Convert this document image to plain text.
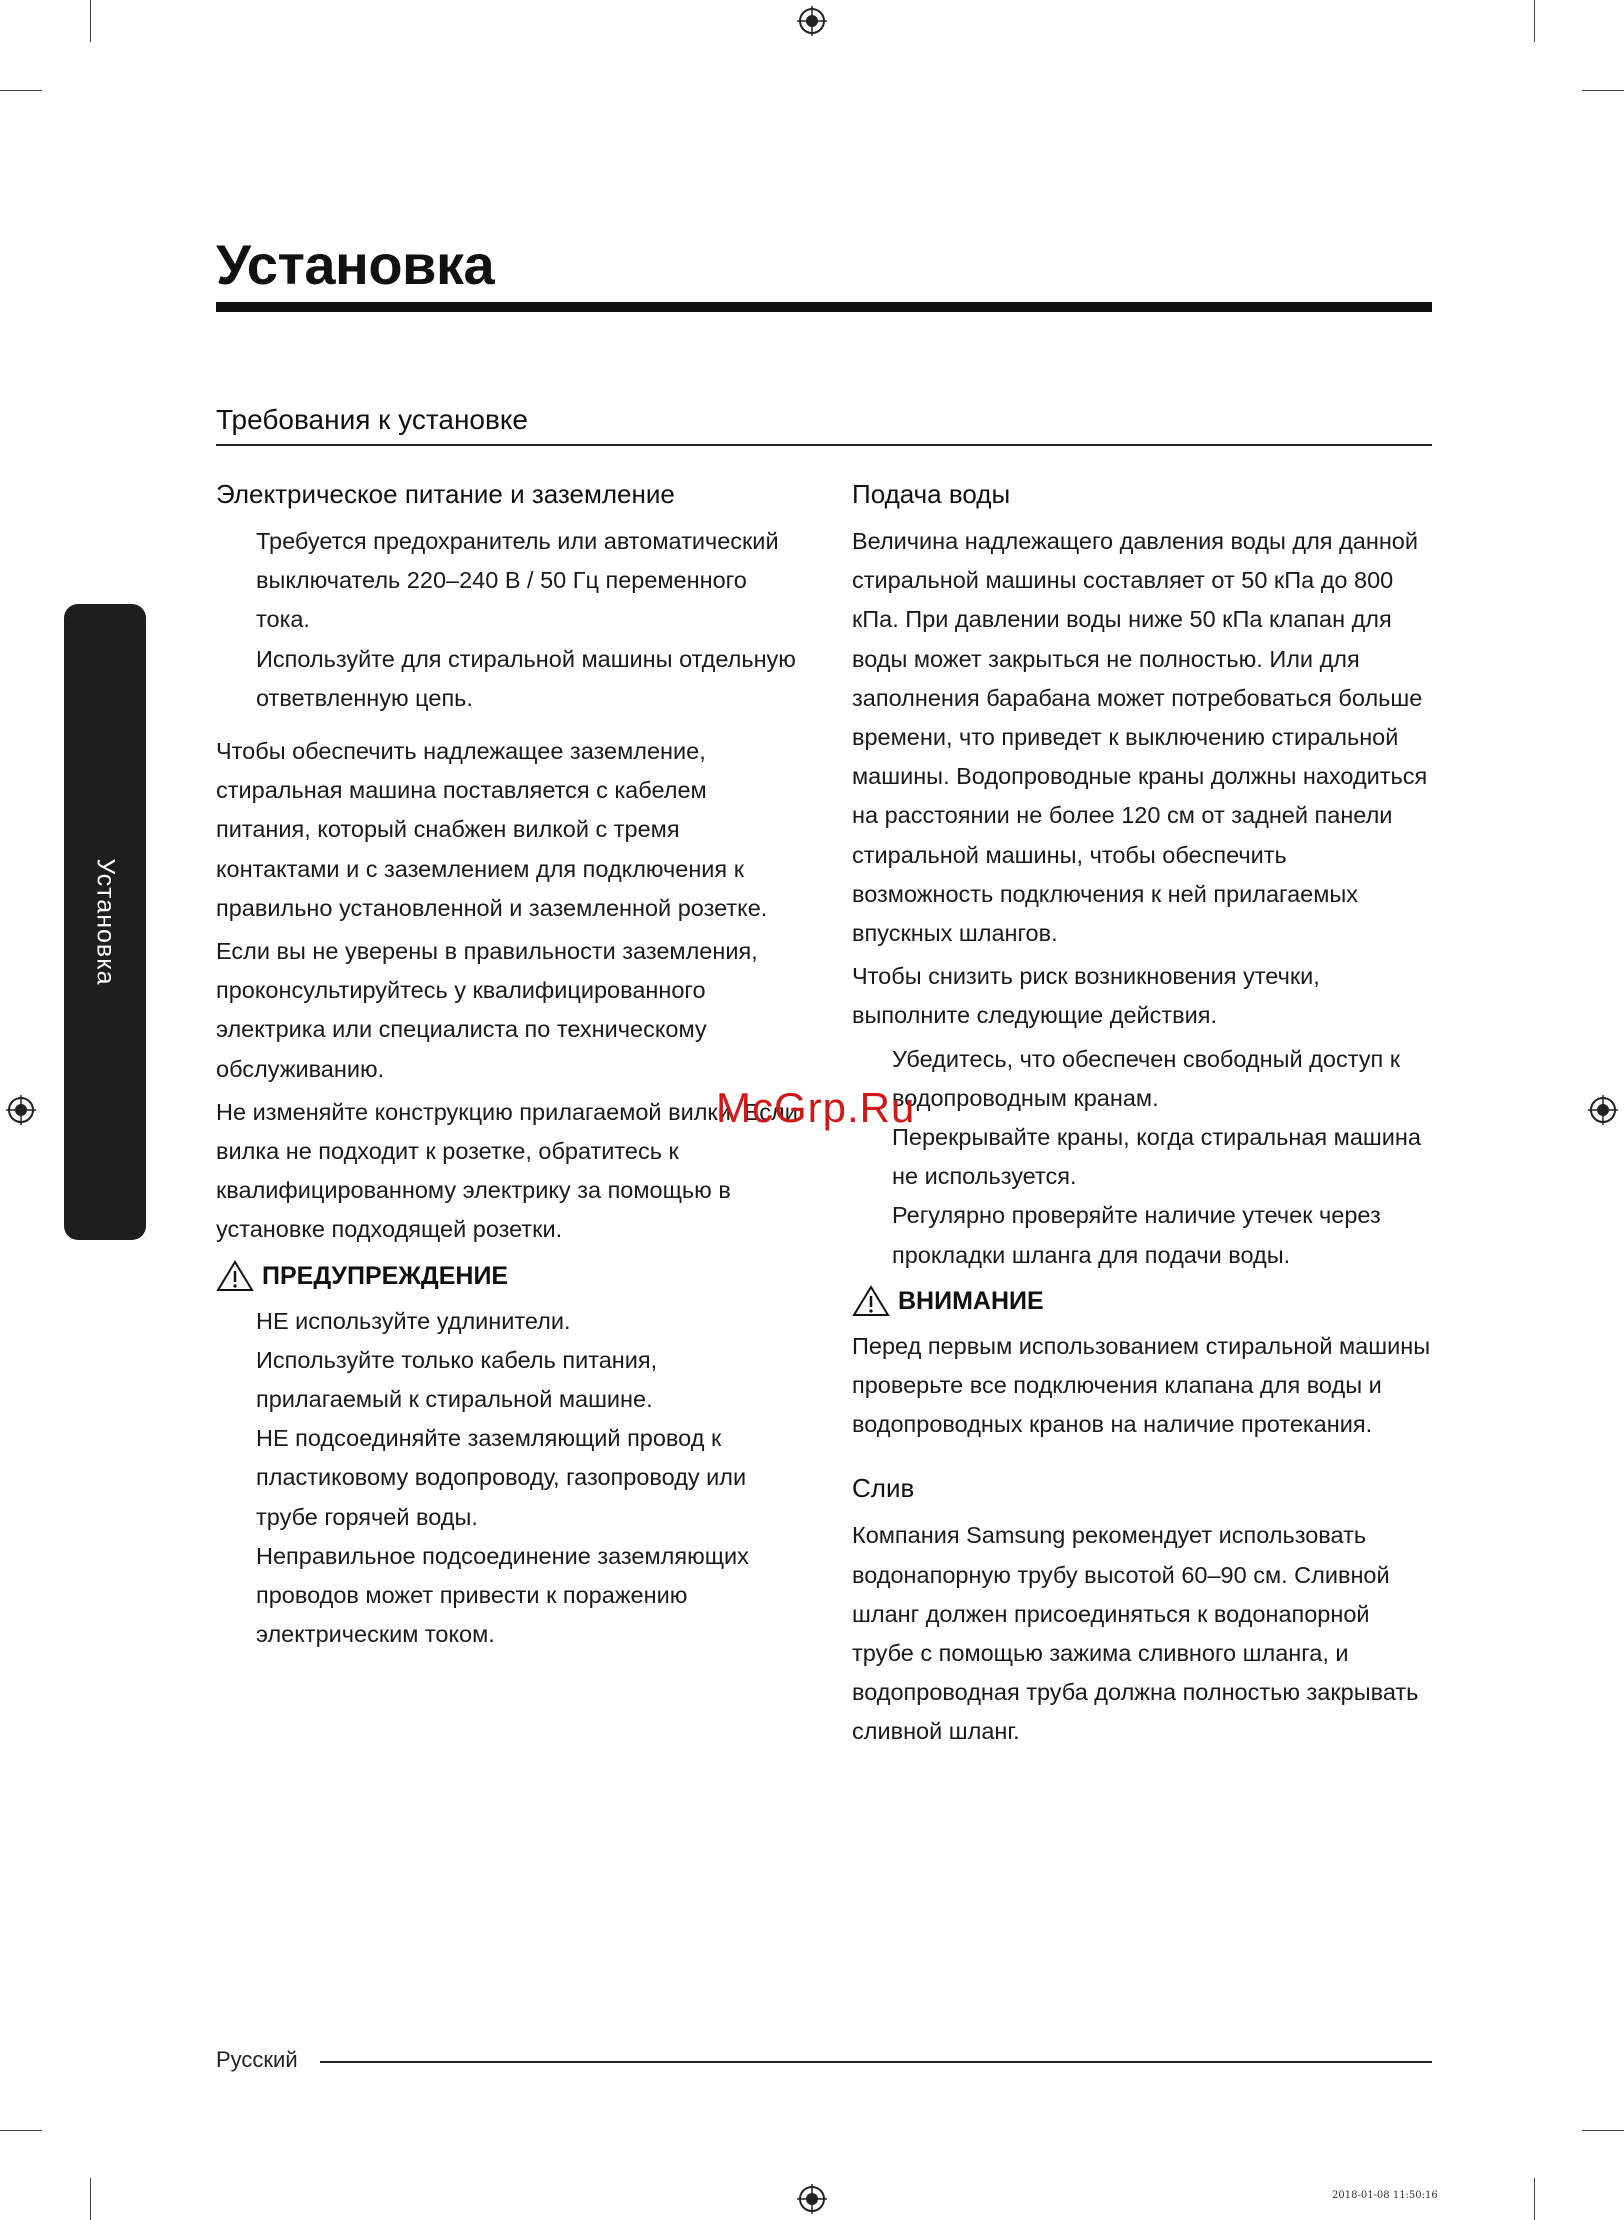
Установка
Требования к установке
Установка
Электрическое питание и заземление

Требуется предохранитель или автоматический выключатель 220–240 В / 50 Гц переменного тока.

Используйте для стиральной машины отдельную ответвленную цепь.

Чтобы обеспечить надлежащее заземление, стиральная машина поставляется с кабелем питания, который снабжен вилкой с тремя контактами и с заземлением для подключения к правильно установленной и заземленной розетке.

Если вы не уверены в правильности заземления, проконсультируйтесь у квалифицированного электрика или специалиста по техническому обслуживанию.

Не изменяйте конструкцию прилагаемой вилки. Если вилка не подходит к розетке, обратитесь к квалифицированному электрику за помощью в установке подходящей розетки.

ПРЕДУПРЕЖДЕНИЕ

НЕ используйте удлинители.

Используйте только кабель питания, прилагаемый к стиральной машине.

НЕ подсоединяйте заземляющий провод к пластиковому водопроводу, газопроводу или трубе горячей воды.

Неправильное подсоединение заземляющих проводов может привести к поражению электрическим током.

Подача воды

Величина надлежащего давления воды для данной стиральной машины составляет от 50 кПа до 800 кПа. При давлении воды ниже 50 кПа клапан для воды может закрыться не полностью. Или для заполнения барабана может потребоваться больше времени, что приведет к выключению стиральной машины. Водопроводные краны должны находиться на расстоянии не более 120 см от задней панели стиральной машины, чтобы обеспечить возможность подключения к ней прилагаемых впускных шлангов.

Чтобы снизить риск возникновения утечки, выполните следующие действия.

Убедитесь, что обеспечен свободный доступ к водопроводным кранам.

Перекрывайте краны, когда стиральная машина не используется.

Регулярно проверяйте наличие утечек через прокладки шланга для подачи воды.

ВНИМАНИЕ

Перед первым использованием стиральной машины проверьте все подключения клапана для воды и водопроводных кранов на наличие протекания.

Слив

Компания Samsung рекомендует использовать водонапорную трубу высотой 60–90 см. Сливной шланг должен присоединяться к водонапорной трубе с помощью зажима сливного шланга, и водопроводная труба должна полностью закрывать сливной шланг.

McGrp.Ru
Русский
2018-01-08 11:50:16
